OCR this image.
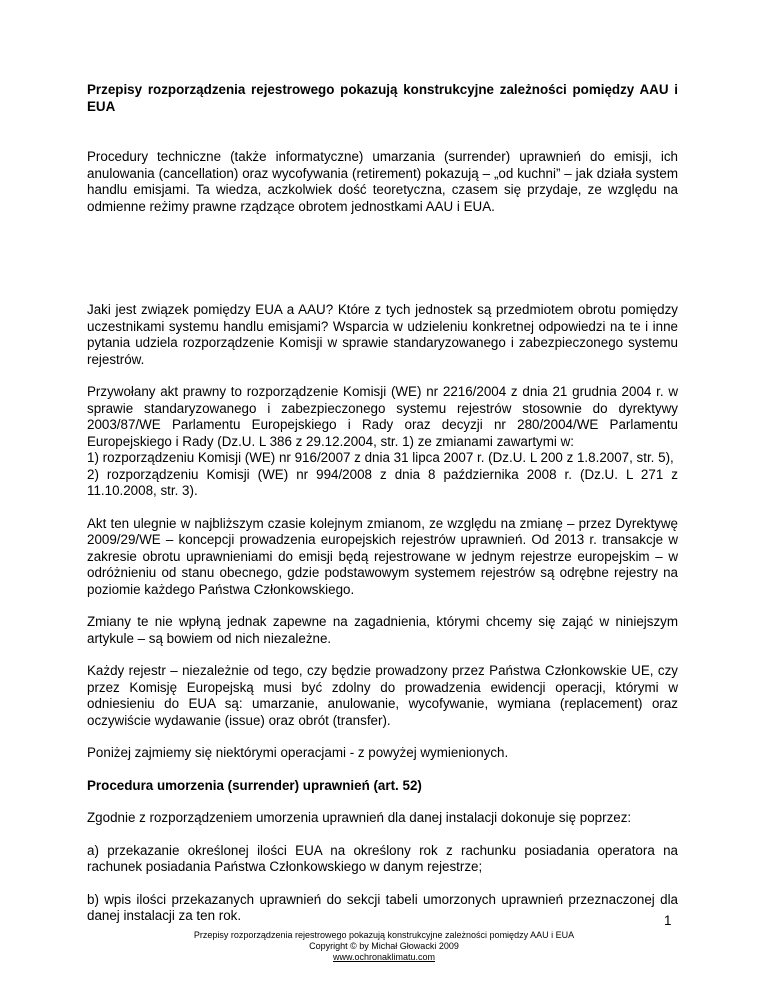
Przepisy rozporządzenia rejestrowego pokazują konstrukcyjne zależności pomiędzy AAU i EUA

Procedury techniczne (także informatyczne) umarzania (surrender) uprawnień do emisji, ich anulowania (cancellation) oraz wycofywania (retirement) pokazują – „od kuchni” – jak działa system handlu emisjami. Ta wiedza, aczkolwiek dość teoretyczna, czasem się przydaje, ze względu na odmienne reżimy prawne rządzące obrotem jednostkami AAU i EUA.

Jaki jest związek pomiędzy EUA a AAU? Które z tych jednostek są przedmiotem obrotu pomiędzy uczestnikami systemu handlu emisjami? Wsparcia w udzieleniu konkretnej odpowiedzi na te i inne pytania udziela rozporządzenie Komisji w sprawie standaryzowanego i zabezpieczonego systemu rejestrów.

Przywołany akt prawny to rozporządzenie Komisji (WE) nr 2216/2004 z dnia 21 grudnia 2004 r. w sprawie standaryzowanego i zabezpieczonego systemu rejestrów stosownie do dyrektywy 2003/87/WE Parlamentu Europejskiego i Rady oraz decyzji nr 280/2004/WE Parlamentu Europejskiego i Rady (Dz.U. L 386 z 29.12.2004, str. 1) ze zmianami zawartymi w:

1) rozporządzeniu Komisji (WE) nr 916/2007 z dnia 31 lipca 2007 r. (Dz.U. L 200 z 1.8.2007, str. 5),

2) rozporządzeniu Komisji (WE) nr 994/2008 z dnia 8 października 2008 r. (Dz.U. L 271 z 11.10.2008, str. 3).

Akt ten ulegnie w najbliższym czasie kolejnym zmianom, ze względu na zmianę – przez Dyrektywę 2009/29/WE – koncepcji prowadzenia europejskich rejestrów uprawnień. Od 2013 r. transakcje w zakresie obrotu uprawnieniami do emisji będą rejestrowane w jednym rejestrze europejskim – w odróżnieniu od stanu obecnego, gdzie podstawowym systemem rejestrów są odrębne rejestry na poziomie każdego Państwa Członkowskiego.

Zmiany te nie wpłyną jednak zapewne na zagadnienia, którymi chcemy się zająć w niniejszym artykule – są bowiem od nich niezależne.

Każdy rejestr – niezależnie od tego, czy będzie prowadzony przez Państwa Członkowskie UE, czy przez Komisję Europejską musi być zdolny do prowadzenia ewidencji operacji, którymi w odniesieniu do EUA są: umarzanie, anulowanie, wycofywanie, wymiana (replacement) oraz oczywiście wydawanie (issue) oraz obrót (transfer).

Poniżej zajmiemy się niektórymi operacjami - z powyżej wymienionych.

Procedura umorzenia (surrender) uprawnień (art. 52)

Zgodnie z rozporządzeniem umorzenia uprawnień dla danej instalacji dokonuje się poprzez:

a) przekazanie określonej ilości EUA na określony rok z rachunku posiadania operatora na rachunek posiadania Państwa Członkowskiego w danym rejestrze;

b) wpis ilości przekazanych uprawnień do sekcji tabeli umorzonych uprawnień przeznaczonej dla danej instalacji za ten rok.	1
Przepisy rozporządzenia rejestrowego pokazują konstrukcyjne zależności pomiędzy AAU i EUA
Copyright © by Michał Głowacki 2009
www.ochronaklimatu.com
